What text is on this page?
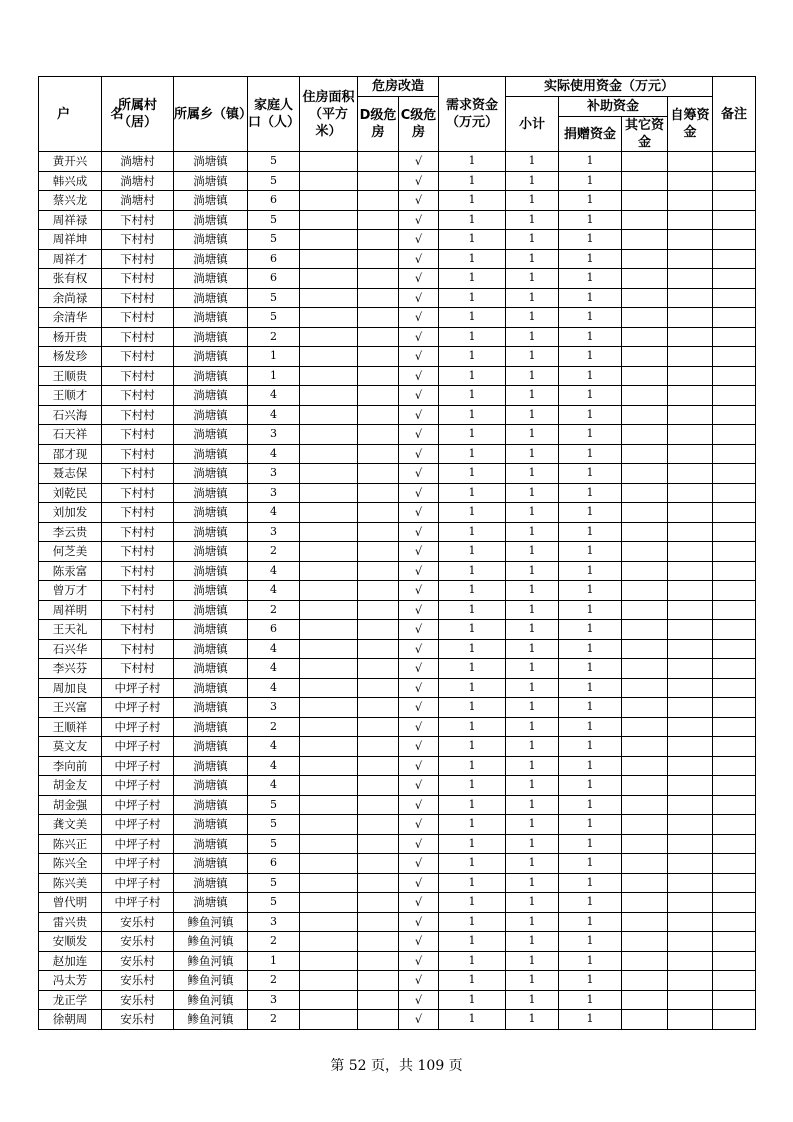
户 名	所属村（居）	所属乡（镇）	家庭人口（人）	住房面积（平方米）	危房改造		需求资金（万元）	实际使用资金（万元）				备注
					D级危房	C级危房		小计	补助资金		自筹资金	
									捐赠资金	其它资金		
黄开兴	淌塘村	淌塘镇	5			√	1	1	1			
韩兴成	淌塘村	淌塘镇	5			√	1	1	1			
蔡兴龙	淌塘村	淌塘镇	6			√	1	1	1			
周祥禄	下村村	淌塘镇	5			√	1	1	1			
周祥坤	下村村	淌塘镇	5			√	1	1	1			
周祥才	下村村	淌塘镇	6			√	1	1	1			
张有权	下村村	淌塘镇	6			√	1	1	1			
余尚禄	下村村	淌塘镇	5			√	1	1	1			
余清华	下村村	淌塘镇	5			√	1	1	1			
杨开贵	下村村	淌塘镇	2			√	1	1	1			
杨发珍	下村村	淌塘镇	1			√	1	1	1			
王顺贵	下村村	淌塘镇	1			√	1	1	1			
王顺才	下村村	淌塘镇	4			√	1	1	1			
石兴海	下村村	淌塘镇	4			√	1	1	1			
石天祥	下村村	淌塘镇	3			√	1	1	1			
邵才现	下村村	淌塘镇	4			√	1	1	1			
聂志保	下村村	淌塘镇	3			√	1	1	1			
刘乾民	下村村	淌塘镇	3			√	1	1	1			
刘加发	下村村	淌塘镇	4			√	1	1	1			
李云贵	下村村	淌塘镇	3			√	1	1	1			
何芝美	下村村	淌塘镇	2			√	1	1	1			
陈汞富	下村村	淌塘镇	4			√	1	1	1			
曾万才	下村村	淌塘镇	4			√	1	1	1			
周祥明	下村村	淌塘镇	2			√	1	1	1			
王天礼	下村村	淌塘镇	6			√	1	1	1			
石兴华	下村村	淌塘镇	4			√	1	1	1			
李兴芬	下村村	淌塘镇	4			√	1	1	1			
周加良	中坪子村	淌塘镇	4			√	1	1	1			
王兴富	中坪子村	淌塘镇	3			√	1	1	1			
王顺祥	中坪子村	淌塘镇	2			√	1	1	1			
莫文友	中坪子村	淌塘镇	4			√	1	1	1			
李向前	中坪子村	淌塘镇	4			√	1	1	1			
胡金友	中坪子村	淌塘镇	4			√	1	1	1			
胡金强	中坪子村	淌塘镇	5			√	1	1	1			
龚文美	中坪子村	淌塘镇	5			√	1	1	1			
陈兴正	中坪子村	淌塘镇	5			√	1	1	1			
陈兴全	中坪子村	淌塘镇	6			√	1	1	1			
陈兴美	中坪子村	淌塘镇	5			√	1	1	1			
曾代明	中坪子村	淌塘镇	5			√	1	1	1			
雷兴贵	安乐村	鲹鱼河镇	3			√	1	1	1			
安顺发	安乐村	鲹鱼河镇	2			√	1	1	1			
赵加连	安乐村	鲹鱼河镇	1			√	1	1	1			
冯太芳	安乐村	鲹鱼河镇	2			√	1	1	1			
龙正学	安乐村	鲹鱼河镇	3			√	1	1	1			
徐朝周	安乐村	鲹鱼河镇	2			√	1	1	1			
第 52 页，共 109 页
